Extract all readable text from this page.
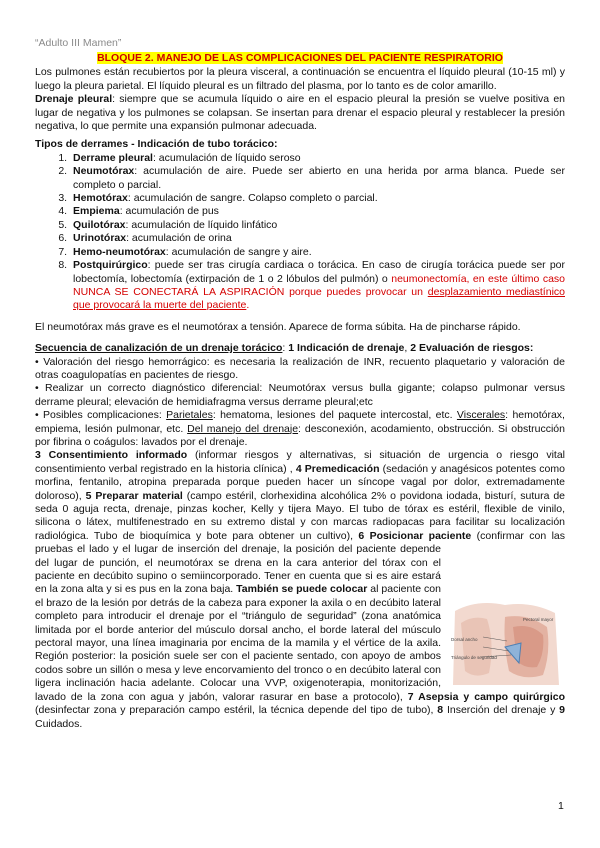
“Adulto III Mamen”

BLOQUE 2. MANEJO DE LAS COMPLICACIONES DEL PACIENTE RESPIRATORIO

Los pulmones están recubiertos por la pleura visceral, a continuación se encuentra el líquido pleural (10-15 ml) y luego la pleura parietal. El líquido pleural es un filtrado del plasma, por lo tanto es de color amarillo.

Drenaje pleural: siempre que se acumula líquido o aire en el espacio pleural la presión se vuelve positiva en lugar de negativa y los pulmones se colapsan. Se insertan para drenar el espacio pleural y restablecer la presión negativa, lo que permite una expansión pulmonar adecuada.

Tipos de derrames - Indicación de tubo torácico:

1. Derrame pleural: acumulación de líquido seroso
2. Neumotórax: acumulación de aire. Puede ser abierto en una herida por arma blanca. Puede ser completo o parcial.
3. Hemotórax: acumulación de sangre. Colapso completo o parcial.
4. Empiema: acumulación de pus
5. Quilotórax: acumulación de líquido linfático
6. Urinotórax: acumulación de orina
7. Hemo-neumotórax: acumulación de sangre y aire.
8. Postquirúrgico: puede ser tras cirugía cardiaca o torácica. En caso de cirugía torácica puede ser por lobectomía, lobectomía (extirpación de 1 o 2 lóbulos del pulmón) o neumonectomía, en este último caso NUNCA SE CONECTARÁ LA ASPIRACIÓN porque puedes provocar un desplazamiento mediastínico que provocará la muerte del paciente.

El neumotórax más grave es el neumotórax a tensión. Aparece de forma súbita. Ha de pincharse rápido.

Secuencia de canalización de un drenaje torácico: 1 Indicación de drenaje, 2 Evaluación de riesgos:

• Valoración del riesgo hemorrágico: es necesaria la realización de INR, recuento plaquetario y valoración de otras coagulopatías en pacientes de riesgo.

• Realizar un correcto diagnóstico diferencial: Neumotórax versus bulla gigante; colapso pulmonar versus derrame pleural; elevación de hemidiafragma versus derrame pleural;etc

• Posibles complicaciones: Parietales: hematoma, lesiones del paquete intercostal, etc. Viscerales: hemotórax, empiema, lesión pulmonar, etc. Del manejo del drenaje: desconexión, acodamiento, obstrucción. Si obstrucción por fibrina o coágulos: lavados por el drenaje.

3 Consentimiento informado (informar riesgos y alternativas, si situación de urgencia o riesgo vital consentimiento verbal registrado en la historia clínica) , 4 Premedicación (sedación y anagésicos potentes como morfina, fentanilo, atropina preparada porque pueden hacer un síncope vagal por dolor, extremadamente doloroso), 5 Preparar material (campo estéril, clorhexidina alcohólica 2% o povidona iodada, bisturí, sutura de seda 0 aguja recta, drenaje, pinzas kocher, Kelly y tijera Mayo. El tubo de tórax es estéril, flexible de vinilo, silicona o látex, multifenestrado en su extremo distal y con marcas radiopacas para facilitar su localización radiológica. Tubo de bioquímica y bote para obtener un cultivo), 6 Posicionar paciente
Pectoral mayor
Dorsal ancho
Triángulo de seguridad
(confirmar con las pruebas el lado y el lugar de inserción del drenaje, la posición del paciente depende del lugar de punción, el neumotórax se drena en la cara anterior del tórax con el paciente en decúbito supino o semiincorporado. Tener en cuenta que si es aire estará en la zona alta y si es pus en la zona baja. También se puede colocar al paciente con el brazo de la lesión por detrás de la cabeza para exponer la axila o en decúbito lateral completo para introducir el drenaje por el “triángulo de seguridad” (zona anatómica limitada por el borde anterior del músculo dorsal ancho, el borde lateral del músculo pectoral mayor, una línea imaginaria por encima de la mamila y el vértice de la axila. Región posterior: la posición suele ser con el paciente sentado, con apoyo de ambos codos sobre un sillón o mesa y leve encorvamiento del tronco o en decúbito lateral con ligera inclinación hacia adelante. Colocar una VVP, oxigenoterapia, monitorización, lavado de la zona con agua y jabón, valorar rasurar en base a protocolo), 7 Asepsia y campo quirúrgico (desinfectar zona y preparación campo estéril, la técnica depende del tipo de tubo), 8 Inserción del drenaje y 9 Cuidados.

1
